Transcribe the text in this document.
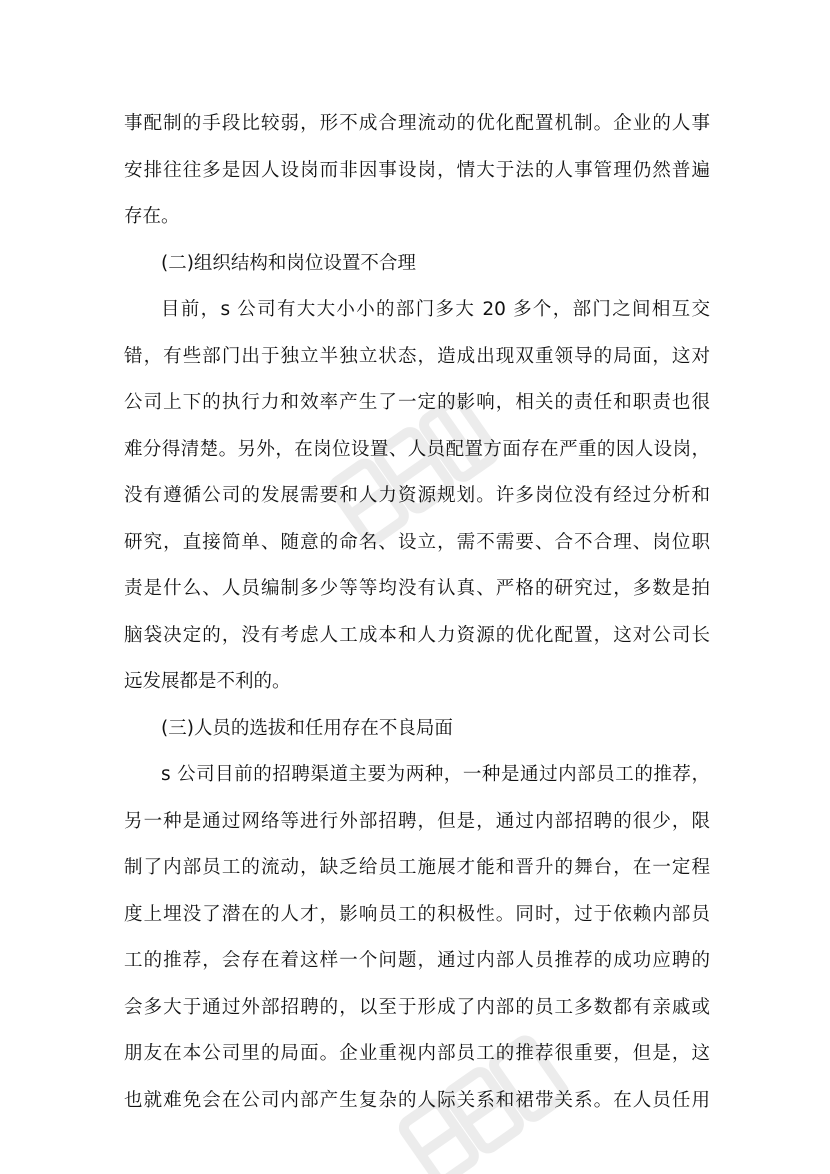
事配制的手段比较弱，形不成合理流动的优化配置机制。企业的人事
安排往往多是因人设岗而非因事设岗，情大于法的人事管理仍然普遍
存在。
(二)组织结构和岗位设置不合理
目前，s 公司有大大小小的部门多大 20 多个，部门之间相互交
错，有些部门出于独立半独立状态，造成出现双重领导的局面，这对
公司上下的执行力和效率产生了一定的影响，相关的责任和职责也很
难分得清楚。另外，在岗位设置、人员配置方面存在严重的因人设岗，
没有遵循公司的发展需要和人力资源规划。许多岗位没有经过分析和
研究，直接简单、随意的命名、设立，需不需要、合不合理、岗位职
责是什么、人员编制多少等等均没有认真、严格的研究过，多数是拍
脑袋决定的，没有考虑人工成本和人力资源的优化配置，这对公司长
远发展都是不利的。
(三)人员的选拔和任用存在不良局面
s 公司目前的招聘渠道主要为两种，一种是通过内部员工的推荐，
另一种是通过网络等进行外部招聘，但是，通过内部招聘的很少，限
制了内部员工的流动，缺乏给员工施展才能和晋升的舞台，在一定程
度上埋没了潜在的人才，影响员工的积极性。同时，过于依赖内部员
工的推荐，会存在着这样一个问题，通过内部人员推荐的成功应聘的
会多大于通过外部招聘的，以至于形成了内部的员工多数都有亲戚或
朋友在本公司里的局面。企业重视内部员工的推荐很重要，但是，这
也就难免会在公司内部产生复杂的人际关系和裙带关系。在人员任用
